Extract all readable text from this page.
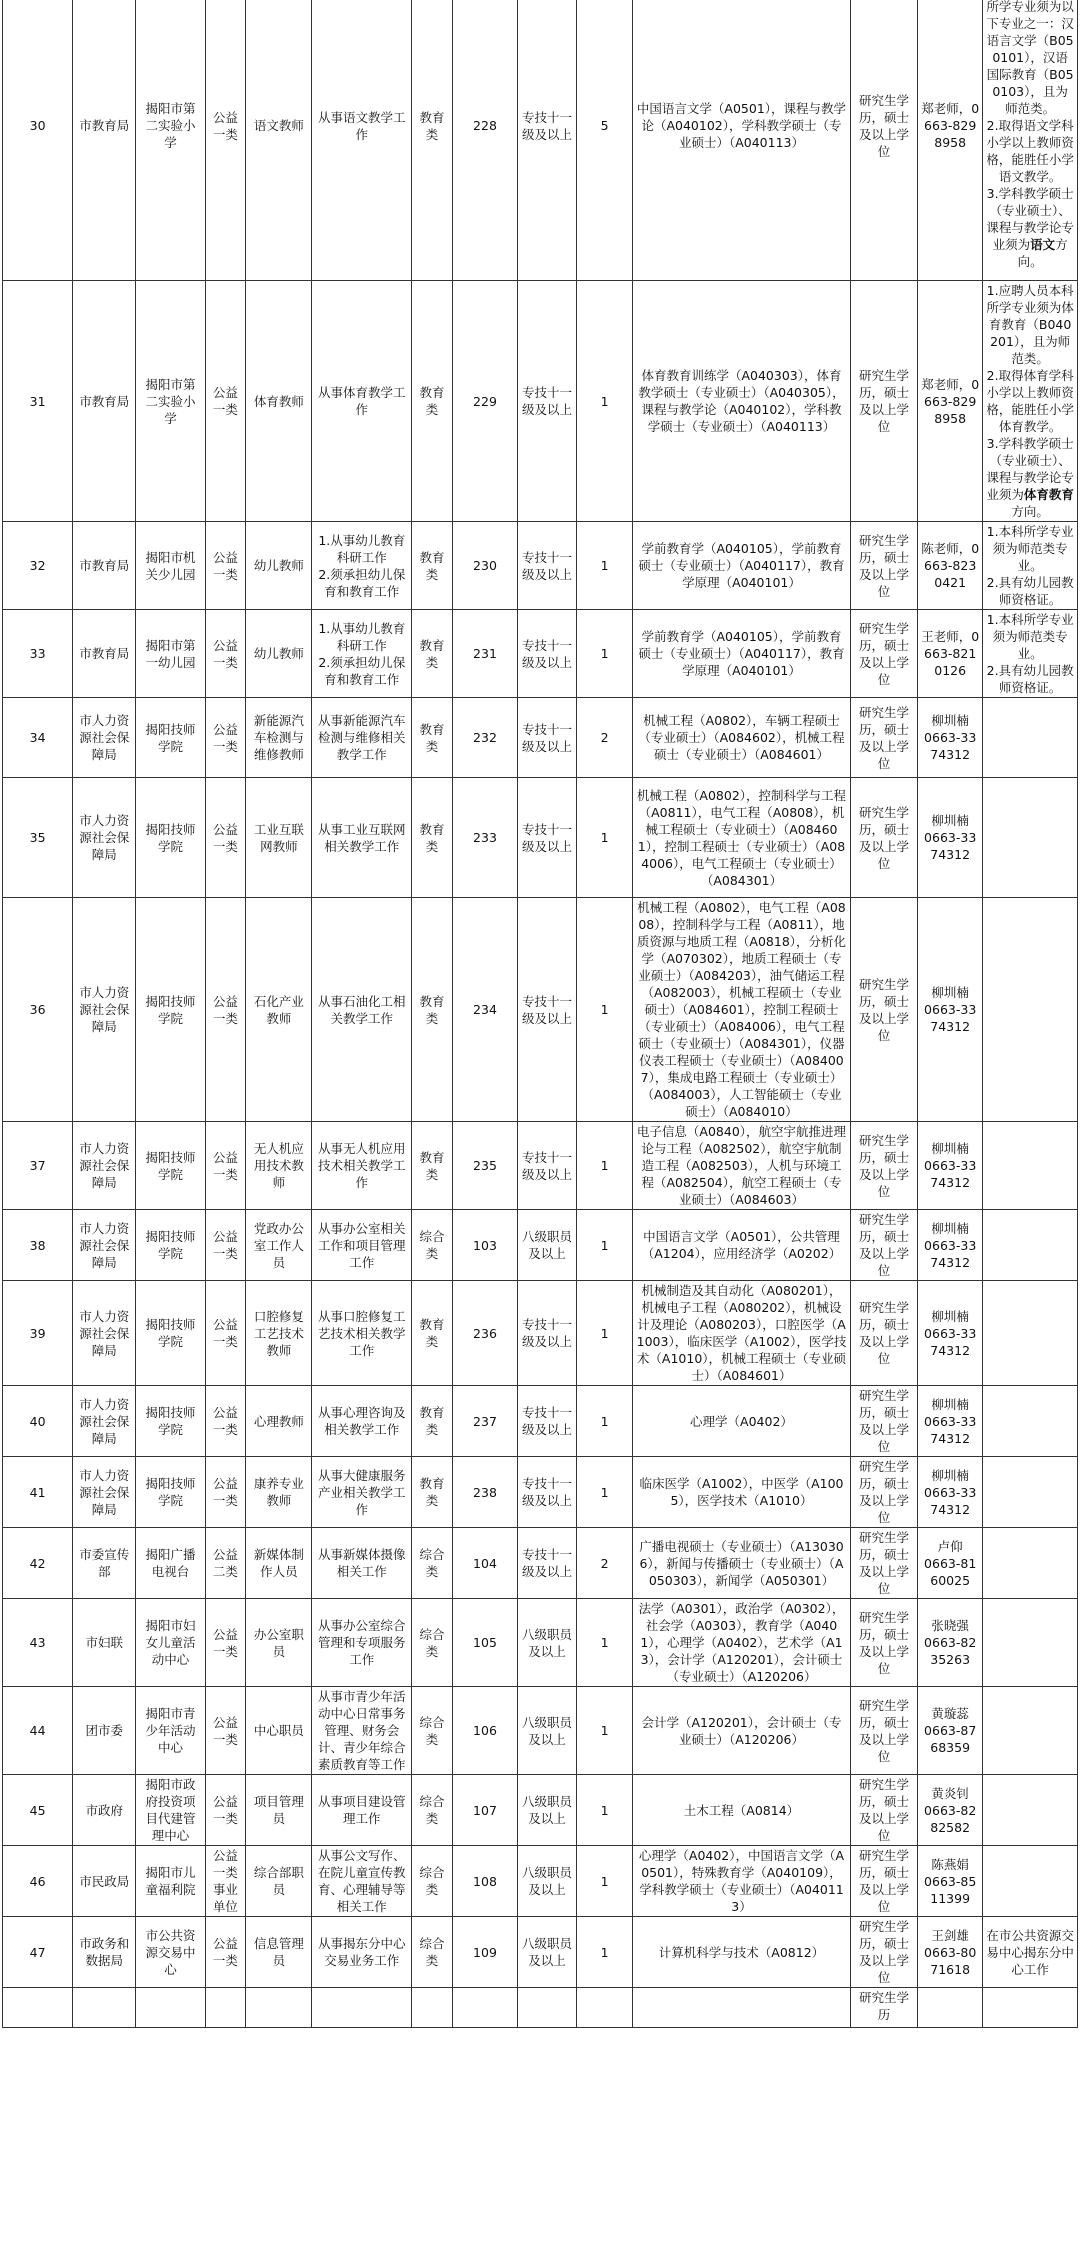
30	市教育局	揭阳市第二实验小学	公益一类	语文教师	从事语文教学工作	教育类	228	专技十一级及以上	5	中国语言文学（A0501），课程与教学论（A040102），学科教学硕士（专业硕士）（A040113）	研究生学历，硕士及以上学位	郑老师，0663-8298958	所学专业须为以下专业之一：汉语言文学（B050101），汉语国际教育（B050103），且为师范类。
2.取得语文学科小学以上教师资格，能胜任小学语文教学。
3.学科教学硕士（专业硕士）、课程与教学论专业须为语文方向。
31	市教育局	揭阳市第二实验小学	公益一类	体育教师	从事体育教学工作	教育类	229	专技十一级及以上	1	体育教育训练学（A040303），体育教学硕士（专业硕士）（A040305），课程与教学论（A040102），学科教学硕士（专业硕士）（A040113）	研究生学历，硕士及以上学位	郑老师，0663-8298958	1.应聘人员本科所学专业须为体育教育（B040201），且为师范类。
2.取得体育学科小学以上教师资格，能胜任小学体育教学。
3.学科教学硕士（专业硕士）、课程与教学论专业须为体育教育方向。
32	市教育局	揭阳市机关少儿园	公益一类	幼儿教师	1.从事幼儿教育科研工作
2.须承担幼儿保育和教育工作	教育类	230	专技十一级及以上	1	学前教育学（A040105），学前教育硕士（专业硕士）（A040117），教育学原理（A040101）	研究生学历，硕士及以上学位	陈老师，0663-8230421	1.本科所学专业须为师范类专业。
2.具有幼儿园教师资格证。
33	市教育局	揭阳市第一幼儿园	公益一类	幼儿教师	1.从事幼儿教育科研工作
2.须承担幼儿保育和教育工作	教育类	231	专技十一级及以上	1	学前教育学（A040105），学前教育硕士（专业硕士）（A040117），教育学原理（A040101）	研究生学历，硕士及以上学位	王老师，0663-8210126	1.本科所学专业须为师范类专业。
2.具有幼儿园教师资格证。
34	市人力资源社会保障局	揭阳技师学院	公益一类	新能源汽车检测与维修教师	从事新能源汽车检测与维修相关教学工作	教育类	232	专技十一级及以上	2	机械工程（A0802），车辆工程硕士（专业硕士）（A084602），机械工程硕士（专业硕士）（A084601）	研究生学历，硕士及以上学位	柳圳楠
0663-3374312	
35	市人力资源社会保障局	揭阳技师学院	公益一类	工业互联网教师	从事工业互联网相关教学工作	教育类	233	专技十一级及以上	1	机械工程（A0802），控制科学与工程（A0811），电气工程（A0808），机械工程硕士（专业硕士）（A084601），控制工程硕士（专业硕士）（A084006），电气工程硕士（专业硕士）（A084301）	研究生学历，硕士及以上学位	柳圳楠
0663-3374312	
36	市人力资源社会保障局	揭阳技师学院	公益一类	石化产业教师	从事石油化工相关教学工作	教育类	234	专技十一级及以上	1	机械工程（A0802），电气工程（A0808），控制科学与工程（A0811），地质资源与地质工程（A0818），分析化学（A070302），地质工程硕士（专业硕士）（A084203），油气储运工程（A082003），机械工程硕士（专业硕士）（A084601），控制工程硕士（专业硕士）（A084006），电气工程硕士（专业硕士）（A084301），仪器仪表工程硕士（专业硕士）（A084007），集成电路工程硕士（专业硕士）（A084003），人工智能硕士（专业硕士）（A084010）	研究生学历，硕士及以上学位	柳圳楠
0663-3374312	
37	市人力资源社会保障局	揭阳技师学院	公益一类	无人机应用技术教师	从事无人机应用技术相关教学工作	教育类	235	专技十一级及以上	1	电子信息（A0840），航空宇航推进理论与工程（A082502），航空宇航制造工程（A082503），人机与环境工程（A082504），航空工程硕士（专业硕士）（A084603）	研究生学历，硕士及以上学位	柳圳楠
0663-3374312	
38	市人力资源社会保障局	揭阳技师学院	公益一类	党政办公室工作人员	从事办公室相关工作和项目管理工作	综合类	103	八级职员及以上	1	中国语言文学（A0501），公共管理（A1204），应用经济学（A0202）	研究生学历，硕士及以上学位	柳圳楠
0663-3374312	
39	市人力资源社会保障局	揭阳技师学院	公益一类	口腔修复工艺技术教师	从事口腔修复工艺技术相关教学工作	教育类	236	专技十一级及以上	1	机械制造及其自动化（A080201），机械电子工程（A080202），机械设计及理论（A080203），口腔医学（A1003），临床医学（A1002），医学技术（A1010），机械工程硕士（专业硕士）（A084601）	研究生学历，硕士及以上学位	柳圳楠
0663-3374312	
40	市人力资源社会保障局	揭阳技师学院	公益一类	心理教师	从事心理咨询及相关教学工作	教育类	237	专技十一级及以上	1	心理学（A0402）	研究生学历，硕士及以上学位	柳圳楠
0663-3374312	
41	市人力资源社会保障局	揭阳技师学院	公益一类	康养专业教师	从事大健康服务产业相关教学工作	教育类	238	专技十一级及以上	1	临床医学（A1002），中医学（A1005），医学技术（A1010）	研究生学历，硕士及以上学位	柳圳楠
0663-3374312	
42	市委宣传部	揭阳广播电视台	公益二类	新媒体制作人员	从事新媒体摄像相关工作	综合类	104	专技十一级及以上	2	广播电视硕士（专业硕士）（A130306），新闻与传播硕士（专业硕士）（A050303），新闻学（A050301）	研究生学历，硕士及以上学位	卢仰
0663-8160025	
43	市妇联	揭阳市妇女儿童活动中心	公益一类	办公室职员	从事办公室综合管理和专项服务工作	综合类	105	八级职员及以上	1	法学（A0301），政治学（A0302），社会学（A0303），教育学（A0401），心理学（A0402），艺术学（A13），会计学（A120201），会计硕士（专业硕士）（A120206）	研究生学历，硕士及以上学位	张晓强
0663-8235263	
44	团市委	揭阳市青少年活动中心	公益一类	中心职员	从事市青少年活动中心日常事务管理、财务会计、青少年综合素质教育等工作	综合类	106	八级职员及以上	1	会计学（A120201），会计硕士（专业硕士）（A120206）	研究生学历，硕士及以上学位	黄璇蕊
0663-8768359	
45	市政府	揭阳市政府投资项目代建管理中心	公益一类	项目管理员	从事项目建设管理工作	综合类	107	八级职员及以上	1	土木工程（A0814）	研究生学历，硕士及以上学位	黄炎钊
0663-8282582	
46	市民政局	揭阳市儿童福利院	公益一类事业单位	综合部职员	从事公文写作、在院儿童宣传教育、心理辅导等相关工作	综合类	108	八级职员及以上	1	心理学（A0402），中国语言文学（A0501），特殊教育学（A040109），学科教学硕士（专业硕士）（A040113）	研究生学历，硕士及以上学位	陈燕娟
0663-8511399	
47	市政务和数据局	市公共资源交易中心	公益一类	信息管理员	从事揭东分中心交易业务工作	综合类	109	八级职员及以上	1	计算机科学与技术（A0812）	研究生学历，硕士及以上学位	王剑雄
0663-8071618	在市公共资源交易中心揭东分中心工作
											研究生学历		
